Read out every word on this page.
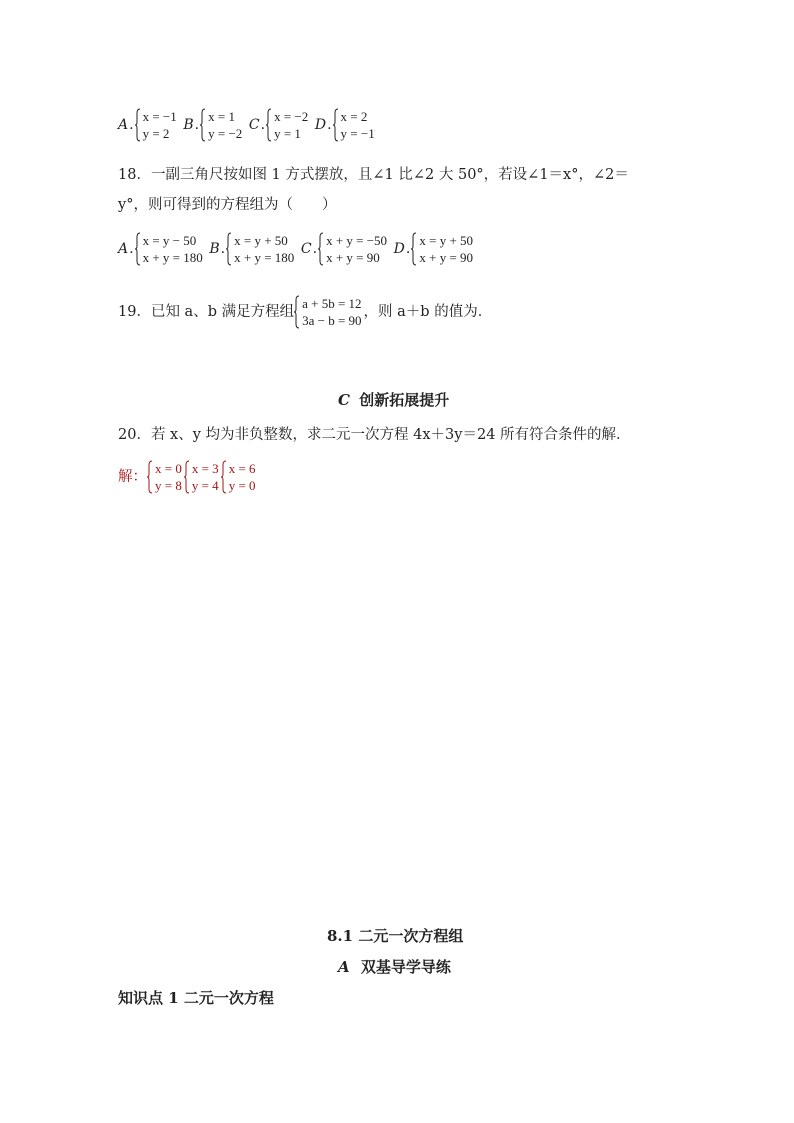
A .
x = −1
y = 2

B .
x = 1
y = −2

C .
x = −2
y = 1

D .
x = 2
y = −1
18．一副三角尺按如图 1 方式摆放，且∠1 比∠2 大 50°，若设∠1＝x°，∠2＝
y°，则可得到的方程组为（　　）
A .
x = y − 50
x + y = 180

B .
x = y + 50
x + y = 180

C .
x + y = −50
x + y = 90

D .
x = y + 50
x + y = 90
19．已知 a、b 满足方程组
a + 5b = 12
3a − b = 90
，则 a＋b 的值为．
C 创新拓展提升
20．若 x、y 均为非负整数，求二元一次方程 4x＋3y＝24 所有符合条件的解．
解：
x = 0
y = 8
x = 3
y = 4
x = 6
y = 0
8.1 二元一次方程组
A 双基导学导练
知识点 1 二元一次方程
